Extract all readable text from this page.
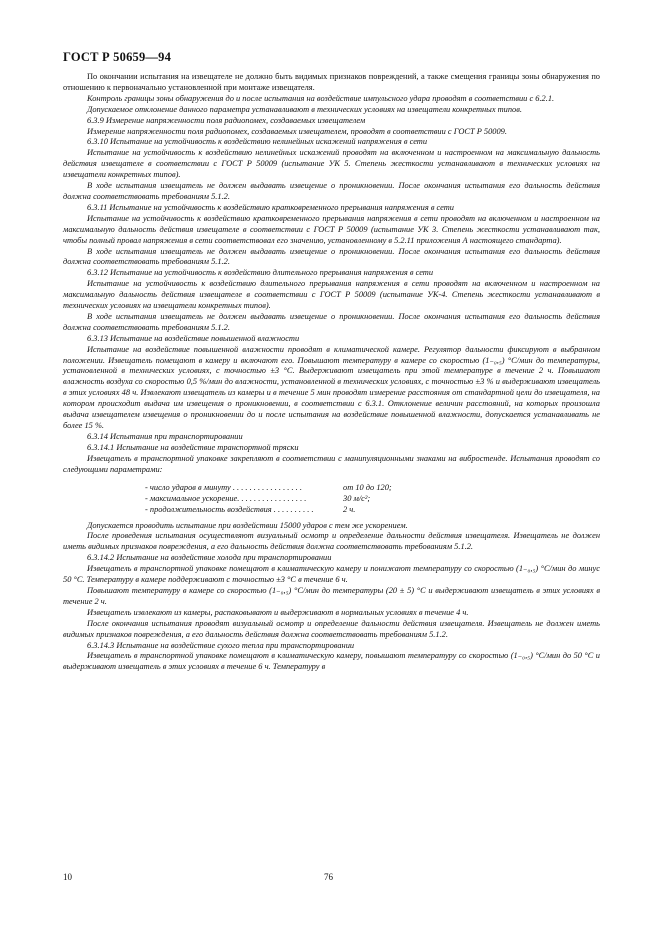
ГОСТ Р 50659—94

По окончании испытания на извещателе не должно быть видимых признаков повреждений, а также смещения границы зоны обнаружения по отношению к первоначально установленной при монтаже извещателя.

Контроль границы зоны обнаружения до и после испытания на воздействие импульсного удара проводят в соответствии с 6.2.1.

Допускаемое отклонение данного параметра устанавливают в технических условиях на извещатели конкретных типов.

6.3.9 Измерение напряженности поля радиопомех, создаваемых извещателем

Измерение напряженности поля радиопомех, создаваемых извещателем, проводят в соответствии с ГОСТ Р 50009.

6.3.10 Испытание на устойчивость к воздействию нелинейных искажений напряжения в сети

Испытание на устойчивость к воздействию нелинейных искажений проводят на включенном и настроенном на максимальную дальность действия извещателе в соответствии с ГОСТ Р 50009 (испытание УК 5. Степень жесткости устанавливают в технических условиях на извещатели конкретных типов).

В ходе испытания извещатель не должен выдавать извещение о проникновении. После окончания испытания его дальность действия должна соответствовать требованиям 5.1.2.

6.3.11 Испытание на устойчивость к воздействию кратковременного прерывания напряжения в сети

Испытание на устойчивость к воздействию кратковременного прерывания напряжения в сети проводят на включенном и настроенном на максимальную дальность действия извещателе в соответствии с ГОСТ Р 50009 (испытание УК 3. Степень жесткости устанавливают так, чтобы полный провал напряжения в сети соответствовал его значению, установленному в 5.2.11 приложения А настоящего стандарта).

В ходе испытания извещатель не должен выдавать извещение о проникновении. После окончания испытания его дальность действия должна соответствовать требованиям 5.1.2.

6.3.12 Испытание на устойчивость к воздействию длительного прерывания напряжения в сети

Испытание на устойчивость к воздействию длительного прерывания напряжения в сети проводят на включенном и настроенном на максимальную дальность действия извещателе в соответствии с ГОСТ Р 50009 (испытание УК-4. Степень жесткости устанавливают в технических условиях на извещатели конкретных типов).

В ходе испытания извещатель не должен выдавать извещение о проникновении. После окончания испытания его дальность действия должна соответствовать требованиям 5.1.2.

6.3.13 Испытание на воздействие повышенной влажности

Испытание на воздействие повышенной влажности проводят в климатической камере. Регулятор дальности фиксируют в выбранном положении. Извещатель помещают в камеру и включают его. Повышают температуру в камере со скоростью (1₋₀,₅) °С/мин до температуры, установленной в технических условиях, с точностью ±3 °С. Выдерживают извещатель при этой температуре в течение 2 ч. Повышают влажность воздуха со скоростью 0,5 %/мин до влажности, установленной в технических условиях, с точностью ±3 % и выдерживают извещатель в этих условиях 48 ч. Извлекают извещатель из камеры и в течение 5 мин проводят измерение расстояния от стандартной цели до извещателя, на котором происходит выдача им извещения о проникновении, в соответствии с 6.3.1. Отклонение величин расстояний, на которых произошла выдача извещателем извещения о проникновении до и после испытания на воздействие повышенной влажности, допускается устанавливать не более 15 %.

6.3.14 Испытания при транспортировании

6.3.14.1 Испытание на воздействие транспортной тряски

Извещатель в транспортной упаковке закрепляют в соответствии с манипуляционными знаками на вибростенде. Испытания проводят со следующими параметрами:

- число ударов в минуту . . . . . . . . . . . . . . . . .	от 10 до 120;
- максимальное ускорение. . . . . . . . . . . . . . . . .	30 м/с²;
- продолжительность воздействия . . . . . . . . . .	2 ч.

Допускается проводить испытание при воздействии 15000 ударов с тем же ускорением.

После проведения испытания осуществляют визуальный осмотр и определение дальности действия извещателя. Извещатель не должен иметь видимых признаков повреждения, а его дальность действия должна соответствовать требованиям 5.1.2.

6.3.14.2 Испытание на воздействие холода при транспортировании

Извещатель в транспортной упаковке помещают в климатическую камеру и понижают температуру со скоростью (1₋₀,₅) °С/мин до минус 50 °С. Температуру в камере поддерживают с точностью ±3 °С в течение 6 ч.

Повышают температуру в камере со скоростью (1₋₀,₅) °С/мин до температуры (20 ± 5) °С и выдерживают извещатель в этих условиях в течение 2 ч.

Извещатель извлекают из камеры, распаковывают и выдерживают в нормальных условиях в течение 4 ч.

После окончания испытания проводят визуальный осмотр и определение дальности действия извещателя. Извещатель не должен иметь видимых признаков повреждения, а его дальность действия должна соответствовать требованиям 5.1.2.

6.3.14.3 Испытание на воздействие сухого тепла при транспортировании

Извещатель в транспортной упаковке помещают в климатическую камеру, повышают температуру со скоростью (1₋₀,₅) °С/мин до 50 °С и выдерживают извещатель в этих условиях в течение 6 ч. Температуру в

10	76
